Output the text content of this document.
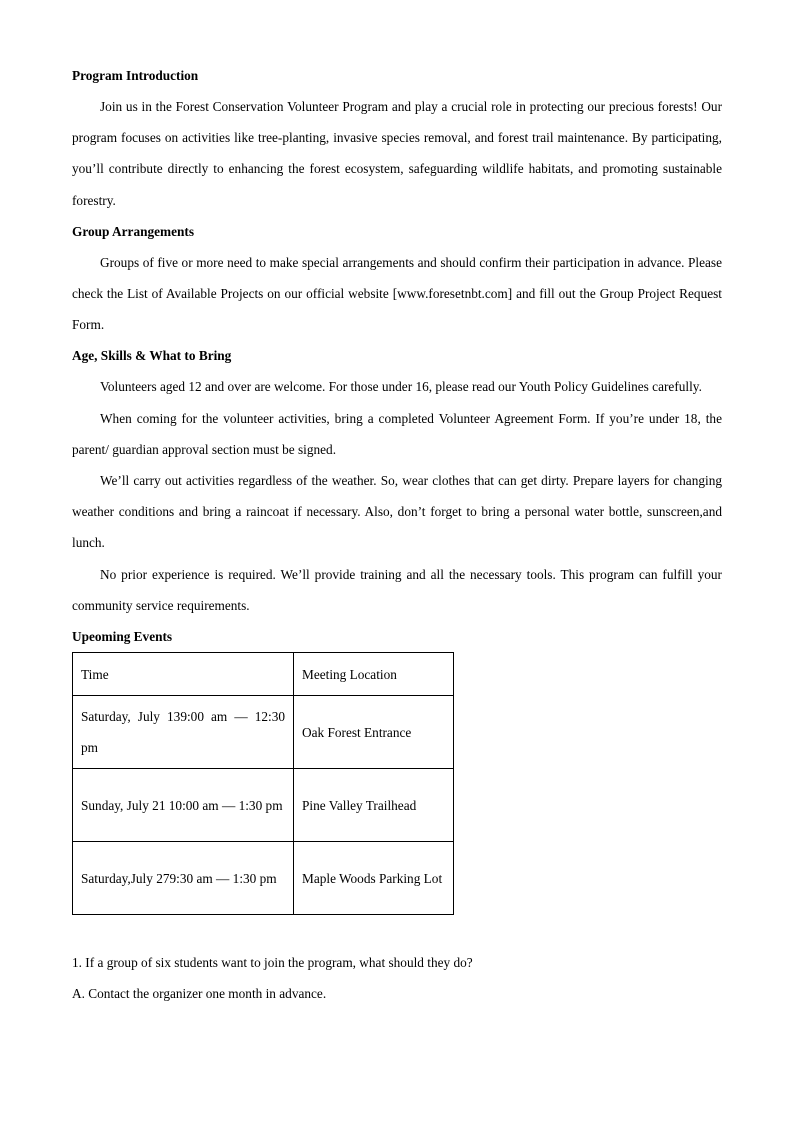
Program Introduction

Join us in the Forest Conservation Volunteer Program and play a crucial role in protecting our precious forests! Our program focuses on activities like tree-planting, invasive species removal, and forest trail maintenance. By participating, you’ll contribute directly to enhancing the forest ecosystem, safeguarding wildlife habitats, and promoting sustainable forestry.

Group Arrangements

Groups of five or more need to make special arrangements and should confirm their participation in advance. Please check the List of Available Projects on our official website [www.foresetnbt.com] and fill out the Group Project Request Form.

Age, Skills & What to Bring

Volunteers aged 12 and over are welcome. For those under 16, please read our Youth Policy Guidelines carefully.

When coming for the volunteer activities, bring a completed Volunteer Agreement Form. If you’re under 18, the parent/ guardian approval section must be signed.

We’ll carry out activities regardless of the weather. So, wear clothes that can get dirty. Prepare layers for changing weather conditions and bring a raincoat if necessary. Also, don’t forget to bring a personal water bottle, sunscreen,and lunch.

No prior experience is required. We’ll provide training and all the necessary tools. This program can fulfill your community service requirements.

Upeoming Events

Time	Meeting Location
Saturday, July 139:00 am — 12:30 pm	Oak Forest Entrance
Sunday, July 21 10:00 am — 1:30 pm	Pine Valley Trailhead
Saturday,July 279:30 am — 1:30 pm	Maple Woods Parking Lot

1. If a group of six students want to join the program, what should they do?

A. Contact the organizer one month in advance.
